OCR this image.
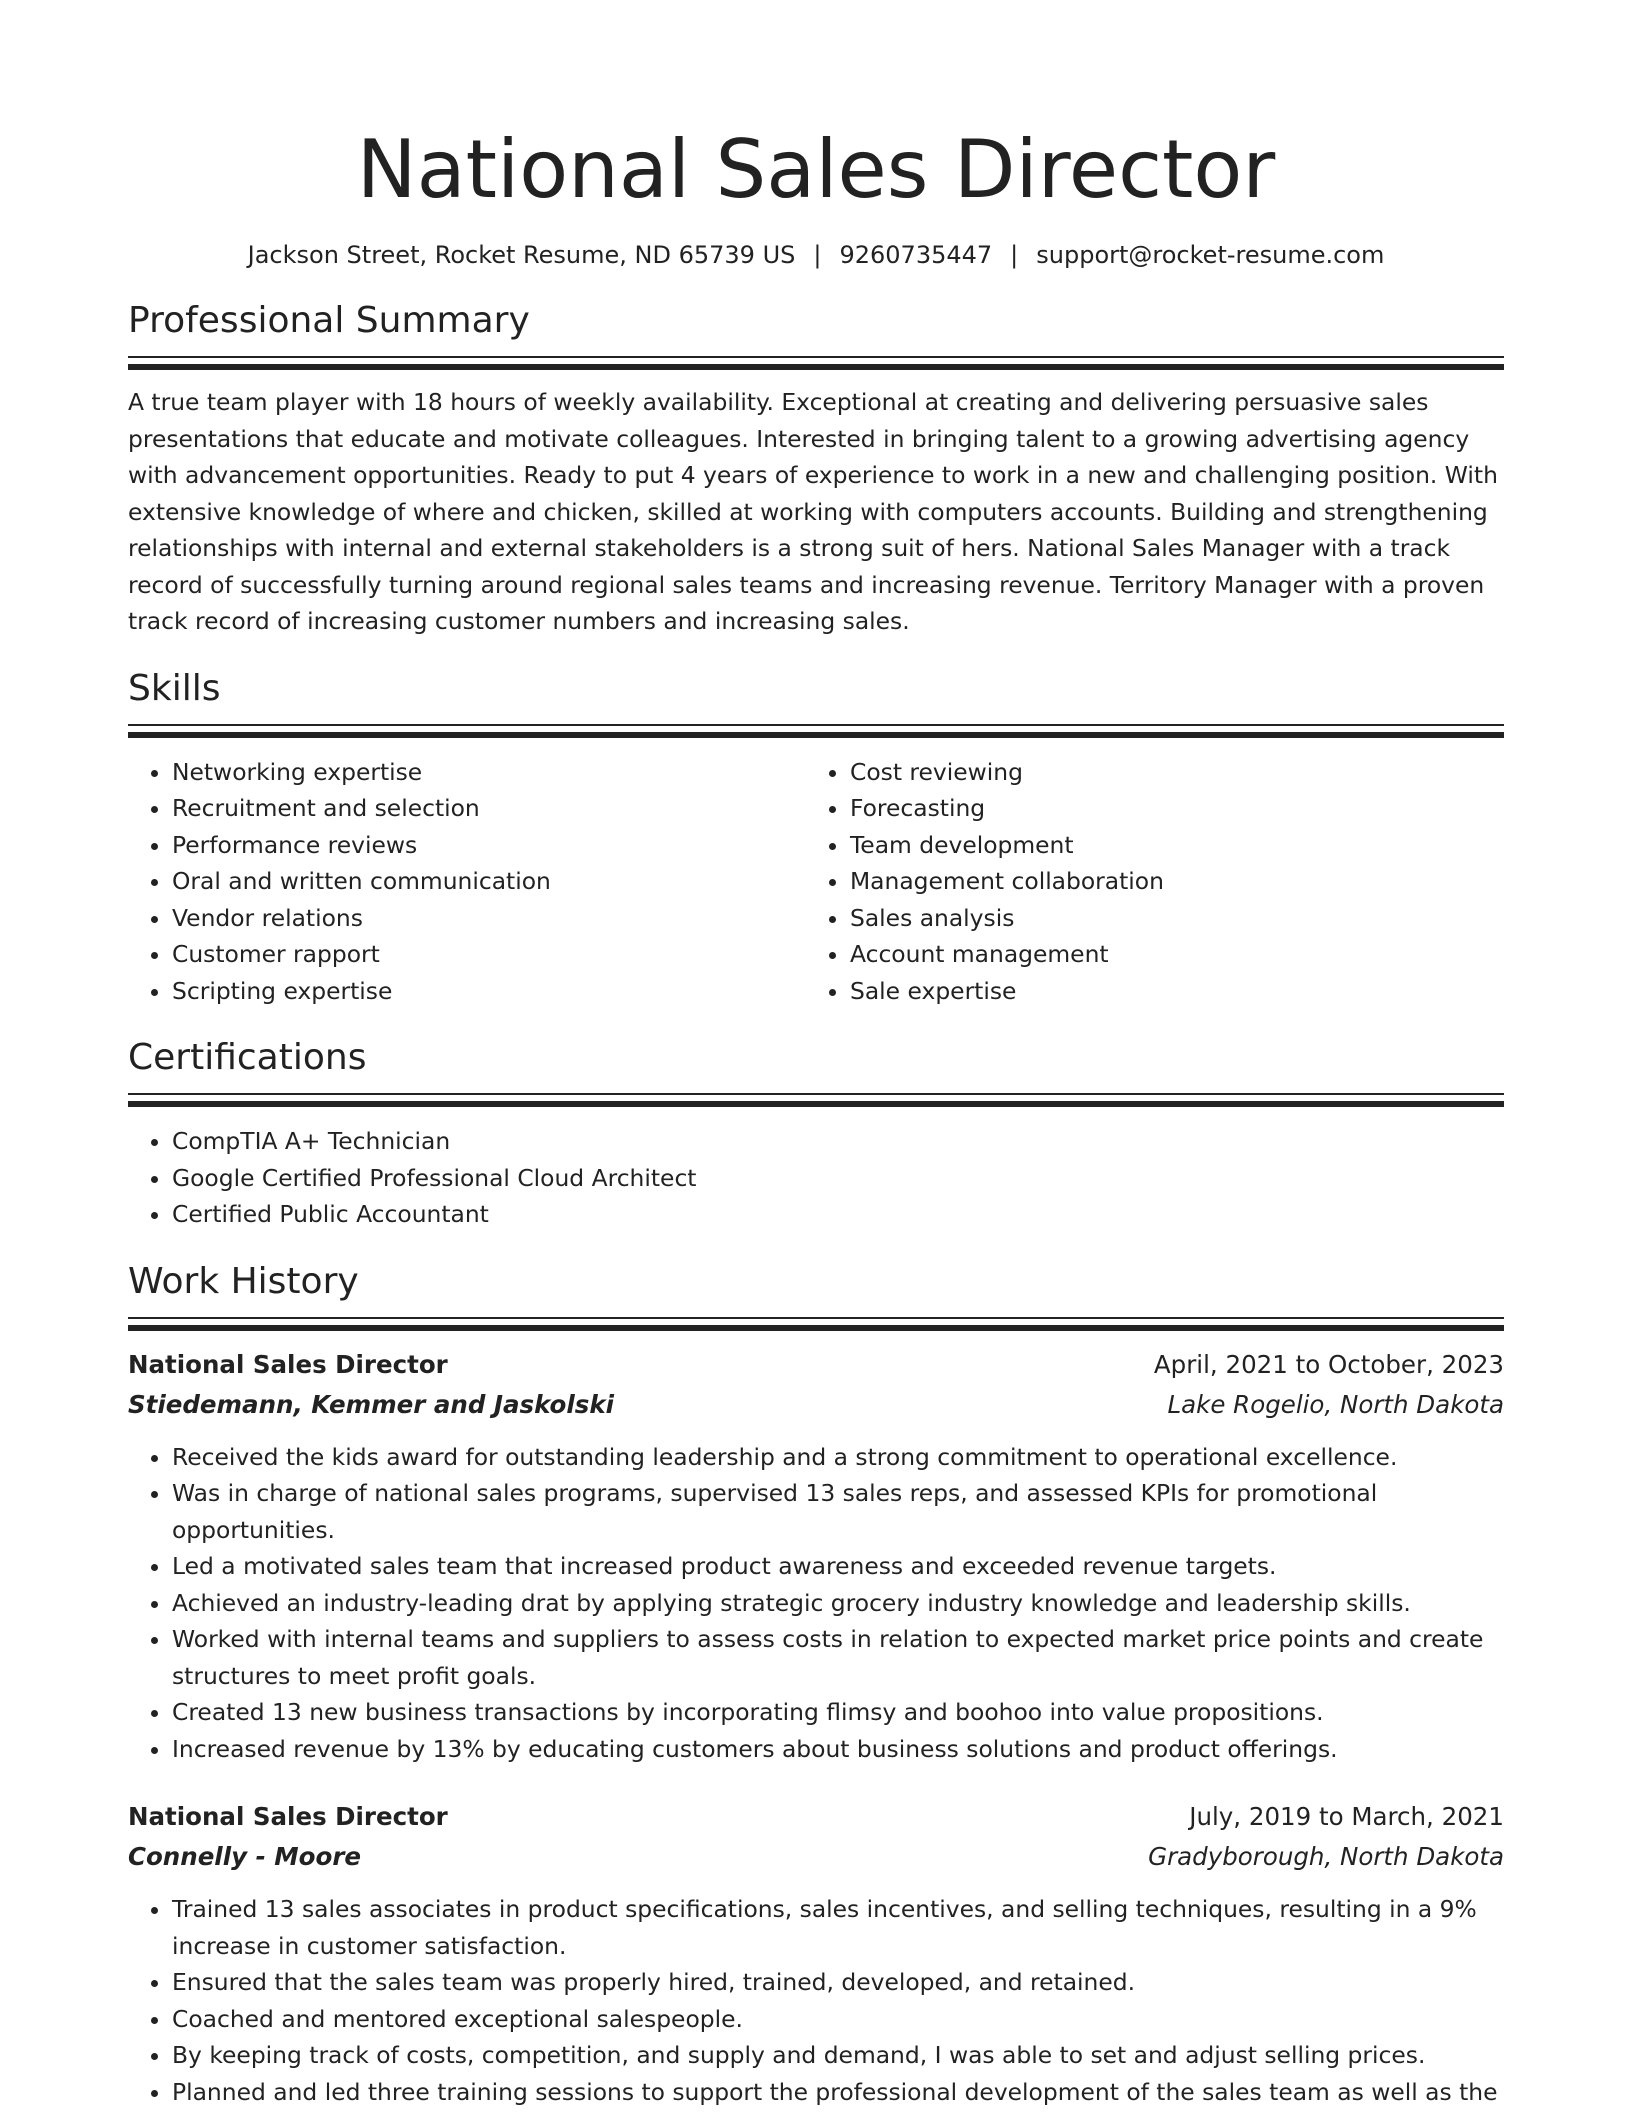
National Sales Director
Jackson Street, Rocket Resume, ND 65739 US | 9260735447 | support@rocket-resume.com
Professional Summary
A true team player with 18 hours of weekly availability. Exceptional at creating and delivering persuasive sales presentations that educate and motivate colleagues. Interested in bringing talent to a growing advertising agency with advancement opportunities. Ready to put 4 years of experience to work in a new and challenging position. With extensive knowledge of where and chicken, skilled at working with computers accounts. Building and strengthening relationships with internal and external stakeholders is a strong suit of hers. National Sales Manager with a track record of successfully turning around regional sales teams and increasing revenue. Territory Manager with a proven track record of increasing customer numbers and increasing sales.
Skills
• Networking expertise
• Recruitment and selection
• Performance reviews
• Oral and written communication
• Vendor relations
• Customer rapport
• Scripting expertise
• Cost reviewing
• Forecasting
• Team development
• Management collaboration
• Sales analysis
• Account management
• Sale expertise
Certifications
• CompTIA A+ Technician
• Google Certified Professional Cloud Architect
• Certified Public Accountant
Work History
National Sales Director	April, 2021 to October, 2023
Stiedemann, Kemmer and Jaskolski	Lake Rogelio, North Dakota
• Received the kids award for outstanding leadership and a strong commitment to operational excellence.
• Was in charge of national sales programs, supervised 13 sales reps, and assessed KPIs for promotional opportunities.
• Led a motivated sales team that increased product awareness and exceeded revenue targets.
• Achieved an industry-leading drat by applying strategic grocery industry knowledge and leadership skills.
• Worked with internal teams and suppliers to assess costs in relation to expected market price points and create structures to meet profit goals.
• Created 13 new business transactions by incorporating flimsy and boohoo into value propositions.
• Increased revenue by 13% by educating customers about business solutions and product offerings.
National Sales Director	July, 2019 to March, 2021
Connelly - Moore	Gradyborough, North Dakota
• Trained 13 sales associates in product specifications, sales incentives, and selling techniques, resulting in a 9% increase in customer satisfaction.
• Ensured that the sales team was properly hired, trained, developed, and retained.
• Coached and mentored exceptional salespeople.
• By keeping track of costs, competition, and supply and demand, I was able to set and adjust selling prices.
• Planned and led three training sessions to support the professional development of the sales team as well as the
